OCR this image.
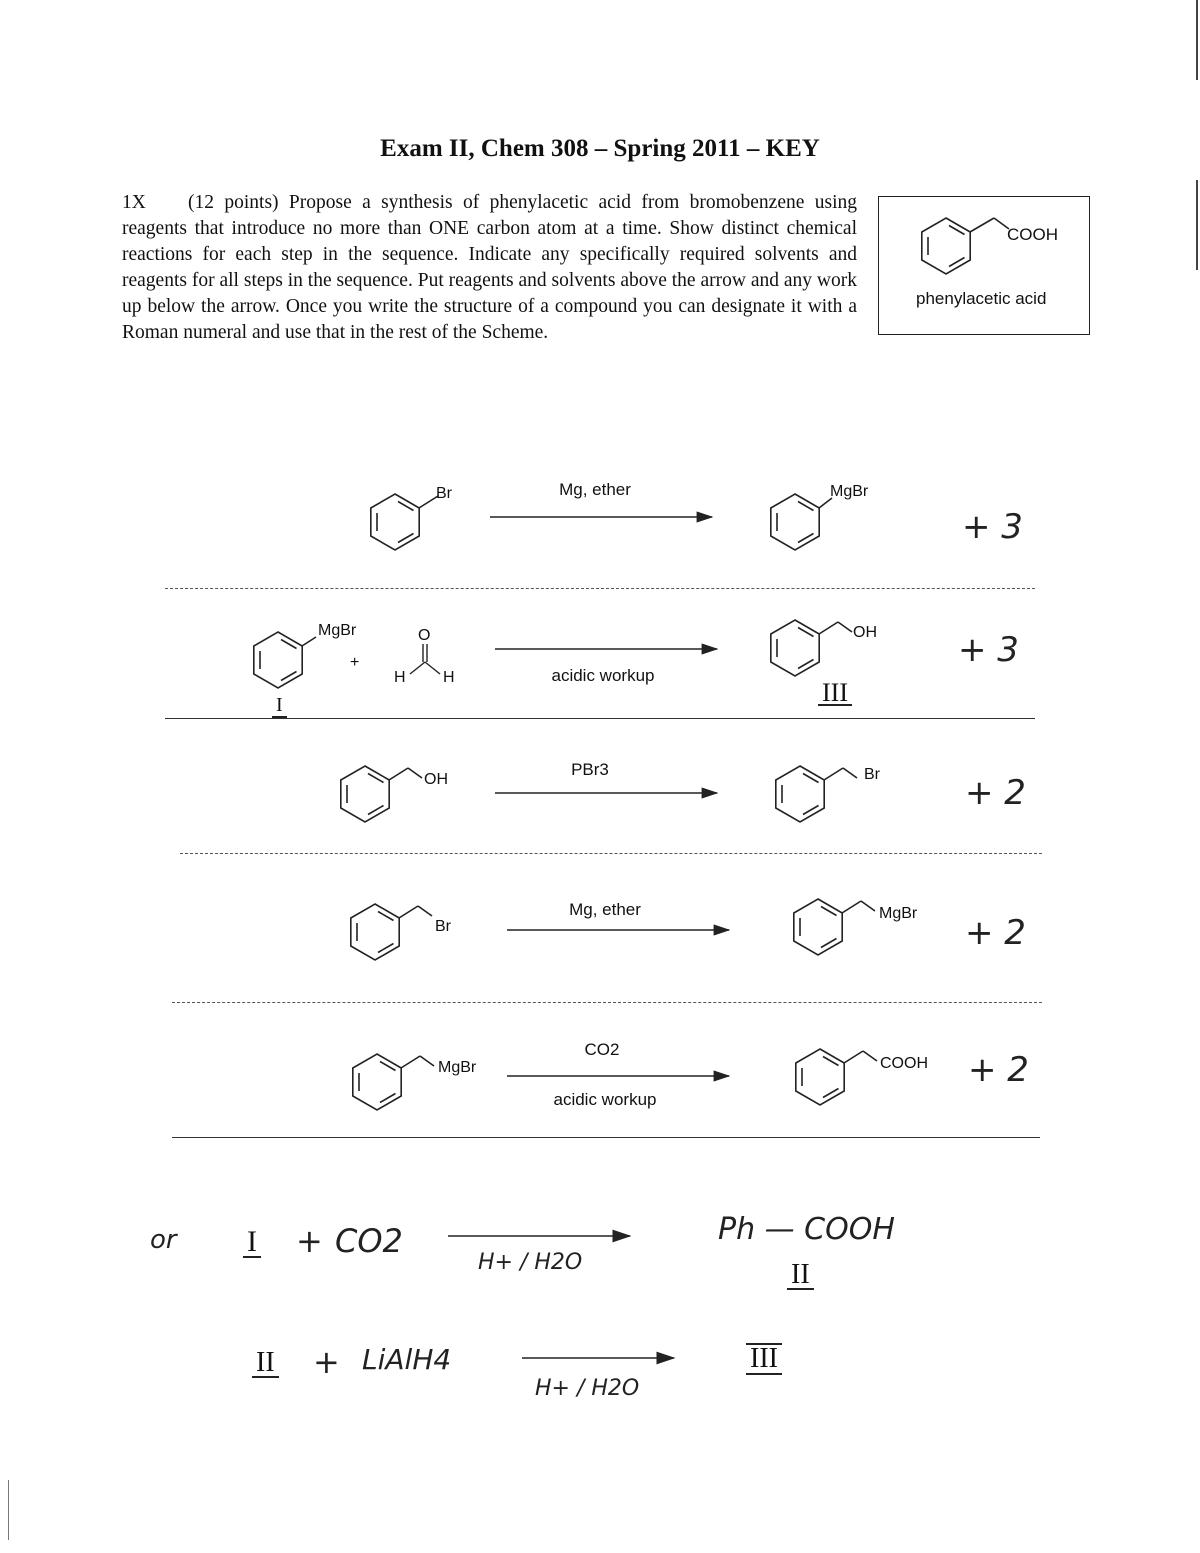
Exam II, Chem 308 – Spring 2011 – KEY
1X (12 points) Propose a synthesis of phenylacetic acid from bromobenzene using reagents that introduce no more than ONE carbon atom at a time. Show distinct chemical reactions for each step in the sequence. Indicate any specifically required solvents and reagents for all steps in the sequence. Put reagents and solvents above the arrow and any work up below the arrow. Once you write the structure of a compound you can designate it with a Roman numeral and use that in the rest of the Scheme.
COOH
phenylacetic acid
Br	Mg, ether	MgBr
+ 3
MgBr
I
+
O
H H	acidic workup
OH
III
+ 3
OH
PBr3	Br	+ 2
Br
Mg, ether	MgBr + 2
MgBr
CO2
acidic workup
COOH + 2
or I + CO2
H+ / H2O
Ph — COOH
II
II + LiAlH4
H+ / H2O
III
